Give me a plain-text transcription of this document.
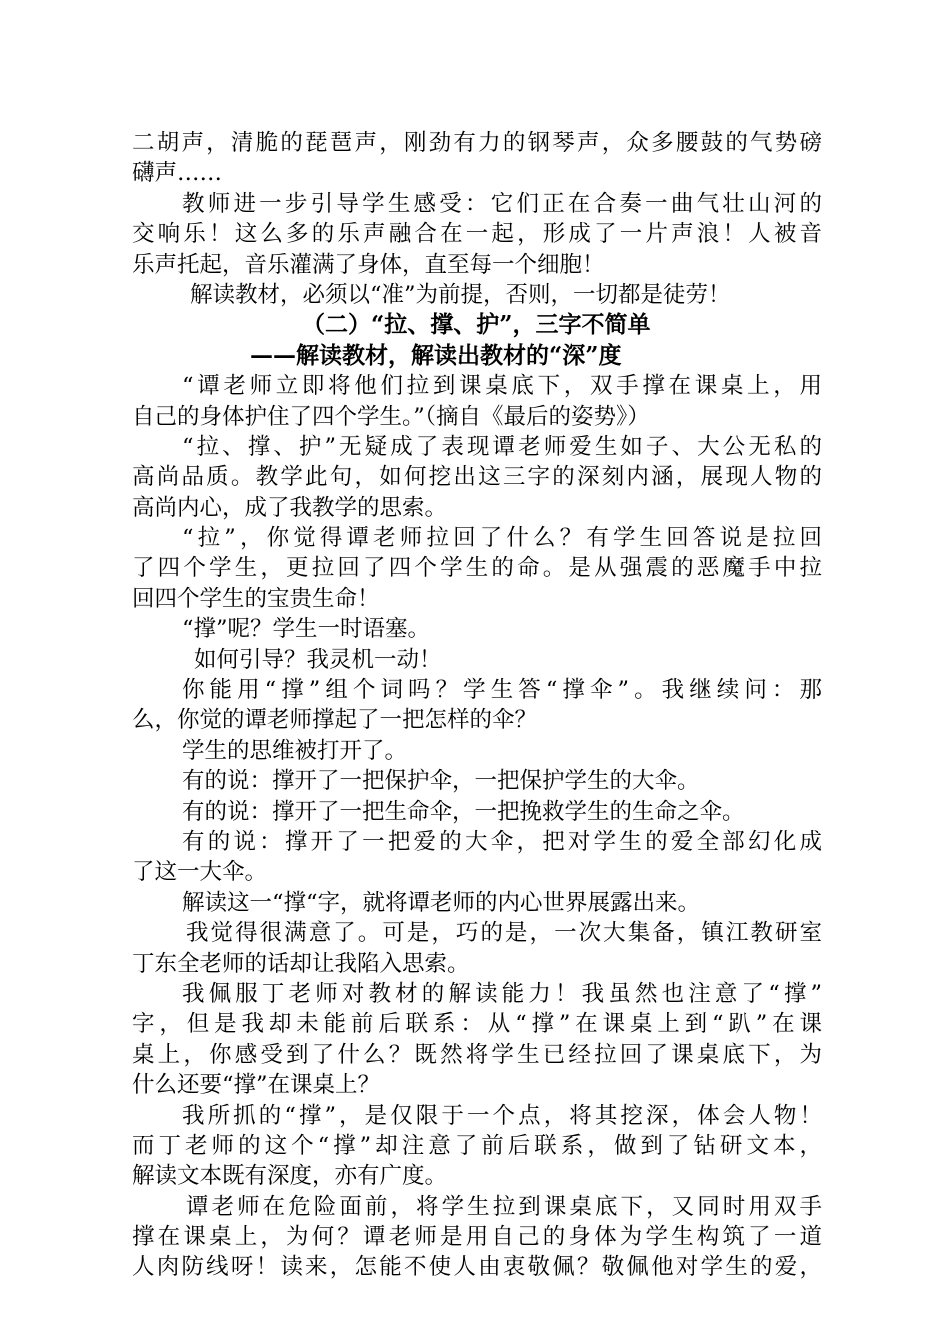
二胡声，清脆的琵琶声，刚劲有力的钢琴声，众多腰鼓的气势磅
礴声……
教师进一步引导学生感受：它们正在合奏一曲气壮山河的
交响乐！这么多的乐声融合在一起，形成了一片声浪！人被音
乐声托起，音乐灌满了身体，直至每一个细胞！
解读教材，必须以“准”为前提，否则，一切都是徒劳！
（二）“拉、撑、护”，三字不简单
——解读教材，解读出教材的“深”度
“谭老师立即将他们拉到课桌底下，双手撑在课桌上，用
自己的身体护住了四个学生。”（摘自《最后的姿势》）
“拉、撑、护”无疑成了表现谭老师爱生如子、大公无私的
高尚品质。教学此句，如何挖出这三字的深刻内涵，展现人物的
高尚内心，成了我教学的思索。
“拉”，你觉得谭老师拉回了什么？有学生回答说是拉回
了四个学生，更拉回了四个学生的命。是从强震的恶魔手中拉
回四个学生的宝贵生命！
“撑”呢？学生一时语塞。
如何引导？我灵机一动！
你能用“撑”组个词吗？学生答“撑伞”。我继续问：那
么，你觉的谭老师撑起了一把怎样的伞？
学生的思维被打开了。
有的说：撑开了一把保护伞，一把保护学生的大伞。
有的说：撑开了一把生命伞，一把挽救学生的生命之伞。
有的说：撑开了一把爱的大伞，把对学生的爱全部幻化成
了这一大伞。
解读这一“撑“字，就将谭老师的内心世界展露出来。
我觉得很满意了。可是，巧的是，一次大集备，镇江教研室
丁东全老师的话却让我陷入思索。
我佩服丁老师对教材的解读能力！我虽然也注意了“撑”
字，但是我却未能前后联系：从“撑”在课桌上到“趴”在课
桌上，你感受到了什么？既然将学生已经拉回了课桌底下，为
什么还要“撑”在课桌上？
我所抓的“撑”，是仅限于一个点，将其挖深，体会人物！
而丁老师的这个“撑”却注意了前后联系，做到了钻研文本，
解读文本既有深度，亦有广度。
谭老师在危险面前，将学生拉到课桌底下，又同时用双手
撑在课桌上，为何？谭老师是用自己的身体为学生构筑了一道
人肉防线呀！读来，怎能不使人由衷敬佩？敬佩他对学生的爱，
